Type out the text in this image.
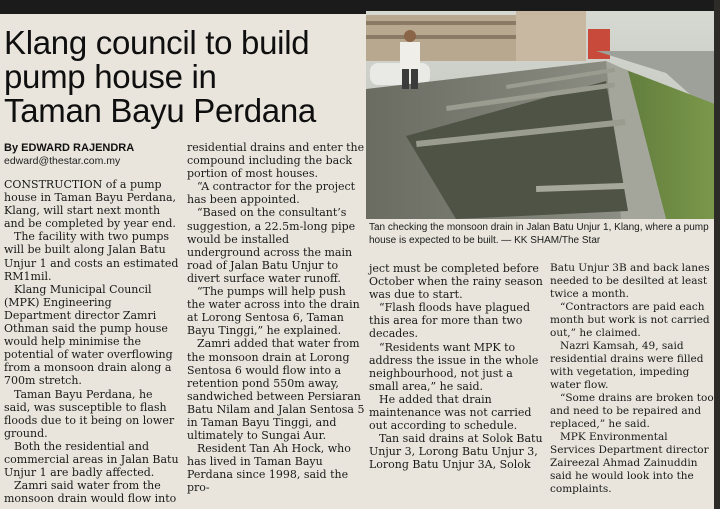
Klang council to build
pump house in
Taman Bayu Perdana
By EDWARD RAJENDRA
edward@thestar.com.my

CONSTRUCTION of a pump house in Taman Bayu Perdana, Klang, will start next month and be completed by year end.

The facility with two pumps will be built along Jalan Batu Unjur 1 and costs an estimated RM1mil.

Klang Municipal Council (MPK) Engineering Department director Zamri Othman said the pump house would help minimise the potential of water overflowing from a monsoon drain along a 700m stretch.

Taman Bayu Perdana, he said, was susceptible to flash floods due to it being on lower ground.

Both the residential and commercial areas in Jalan Batu Unjur 1 are badly affected.

Zamri said water from the monsoon drain would flow into

residential drains and enter the compound including the back portion of most houses.

“A contractor for the project has been appointed.

“Based on the consultant’s suggestion, a 22.5m-long pipe would be installed underground across the main road of Jalan Batu Unjur to divert surface water runoff.

“The pumps will help push the water across into the drain at Lorong Sentosa 6, Taman Bayu Tinggi,” he explained.

Zamri added that water from the monsoon drain at Lorong Sentosa 6 would flow into a retention pond 550m away, sandwiched between Persiaran Batu Nilam and Jalan Sentosa 5 in Taman Bayu Tinggi, and ultimately to Sungai Aur.

Resident Tan Ah Hock, who has lived in Taman Bayu Perdana since 1998, said the pro-

ject must be completed before October when the rainy season was due to start.

“Flash floods have plagued this area for more than two decades.

“Residents want MPK to address the issue in the whole neighbourhood, not just a small area,” he said.

He added that drain maintenance was not carried out according to schedule.

Tan said drains at Solok Batu Unjur 3, Lorong Batu Unjur 3, Lorong Batu Unjur 3A, Solok

Batu Unjur 3B and back lanes needed to be desilted at least twice a month.

“Contractors are paid each month but work is not carried out,” he claimed.

Nazri Kamsah, 49, said residential drains were filled with vegetation, impeding water flow.

“Some drains are broken too and need to be repaired and replaced,” he said.

MPK Environmental Services Department director Zaireezal Ahmad Zainuddin said he would look into the complaints.

Tan checking the monsoon drain in Jalan Batu Unjur 1, Klang, where a pump house is expected to be built. — KK SHAM/The Star
